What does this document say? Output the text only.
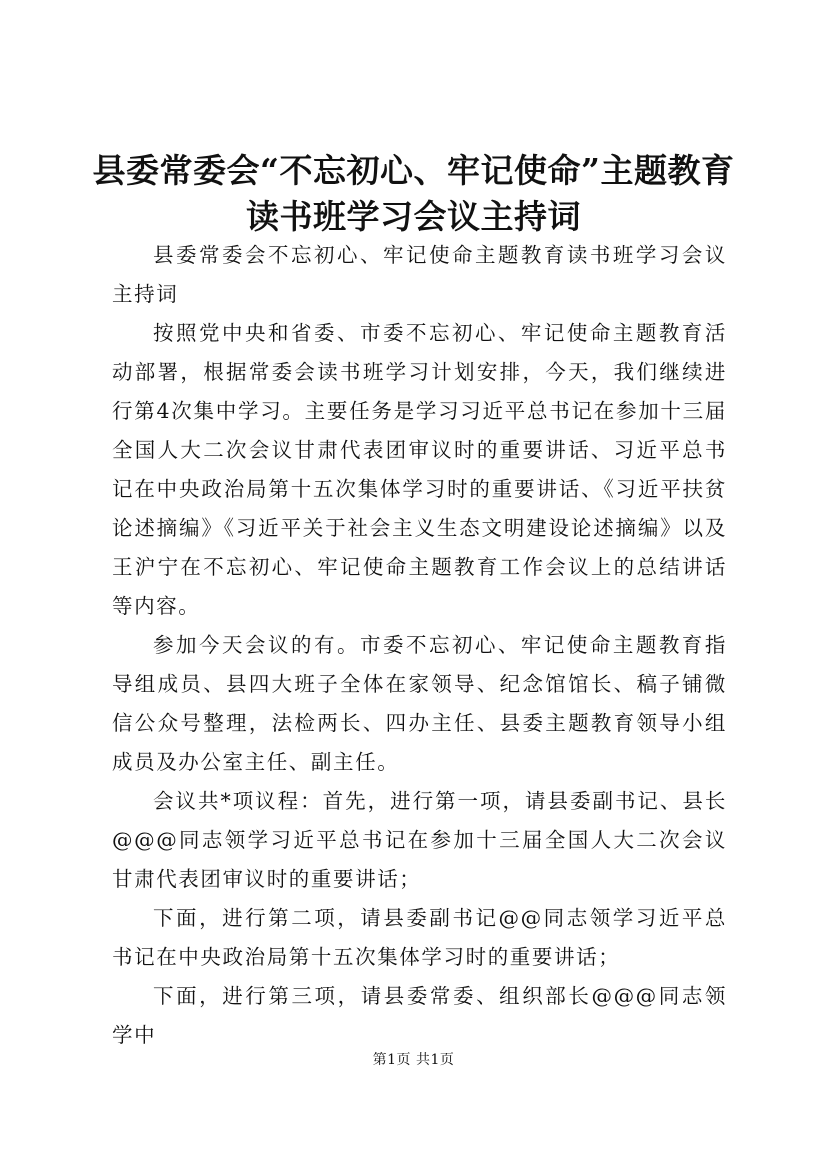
县委常委会“不忘初心、牢记使命”主题教育
读书班学习会议主持词

县委常委会不忘初心、牢记使命主题教育读书班学习会议主持词

按照党中央和省委、市委不忘初心、牢记使命主题教育活动部署，根据常委会读书班学习计划安排，今天，我们继续进行第4次集中学习。主要任务是学习习近平总书记在参加十三届全国人大二次会议甘肃代表团审议时的重要讲话、习近平总书记在中央政治局第十五次集体学习时的重要讲话、《习近平扶贫论述摘编》《习近平关于社会主义生态文明建设论述摘编》以及王沪宁在不忘初心、牢记使命主题教育工作会议上的总结讲话等内容。

参加今天会议的有。市委不忘初心、牢记使命主题教育指导组成员、县四大班子全体在家领导、纪念馆馆长、稿子铺微信公众号整理，法检两长、四办主任、县委主题教育领导小组成员及办公室主任、副主任。

会议共*项议程：首先，进行第一项，请县委副书记、县长@@@同志领学习近平总书记在参加十三届全国人大二次会议甘肃代表团审议时的重要讲话；

下面，进行第二项，请县委副书记@@同志领学习近平总书记在中央政治局第十五次集体学习时的重要讲话；

下面，进行第三项，请县委常委、组织部长@@@同志领学中

第1页 共1页
